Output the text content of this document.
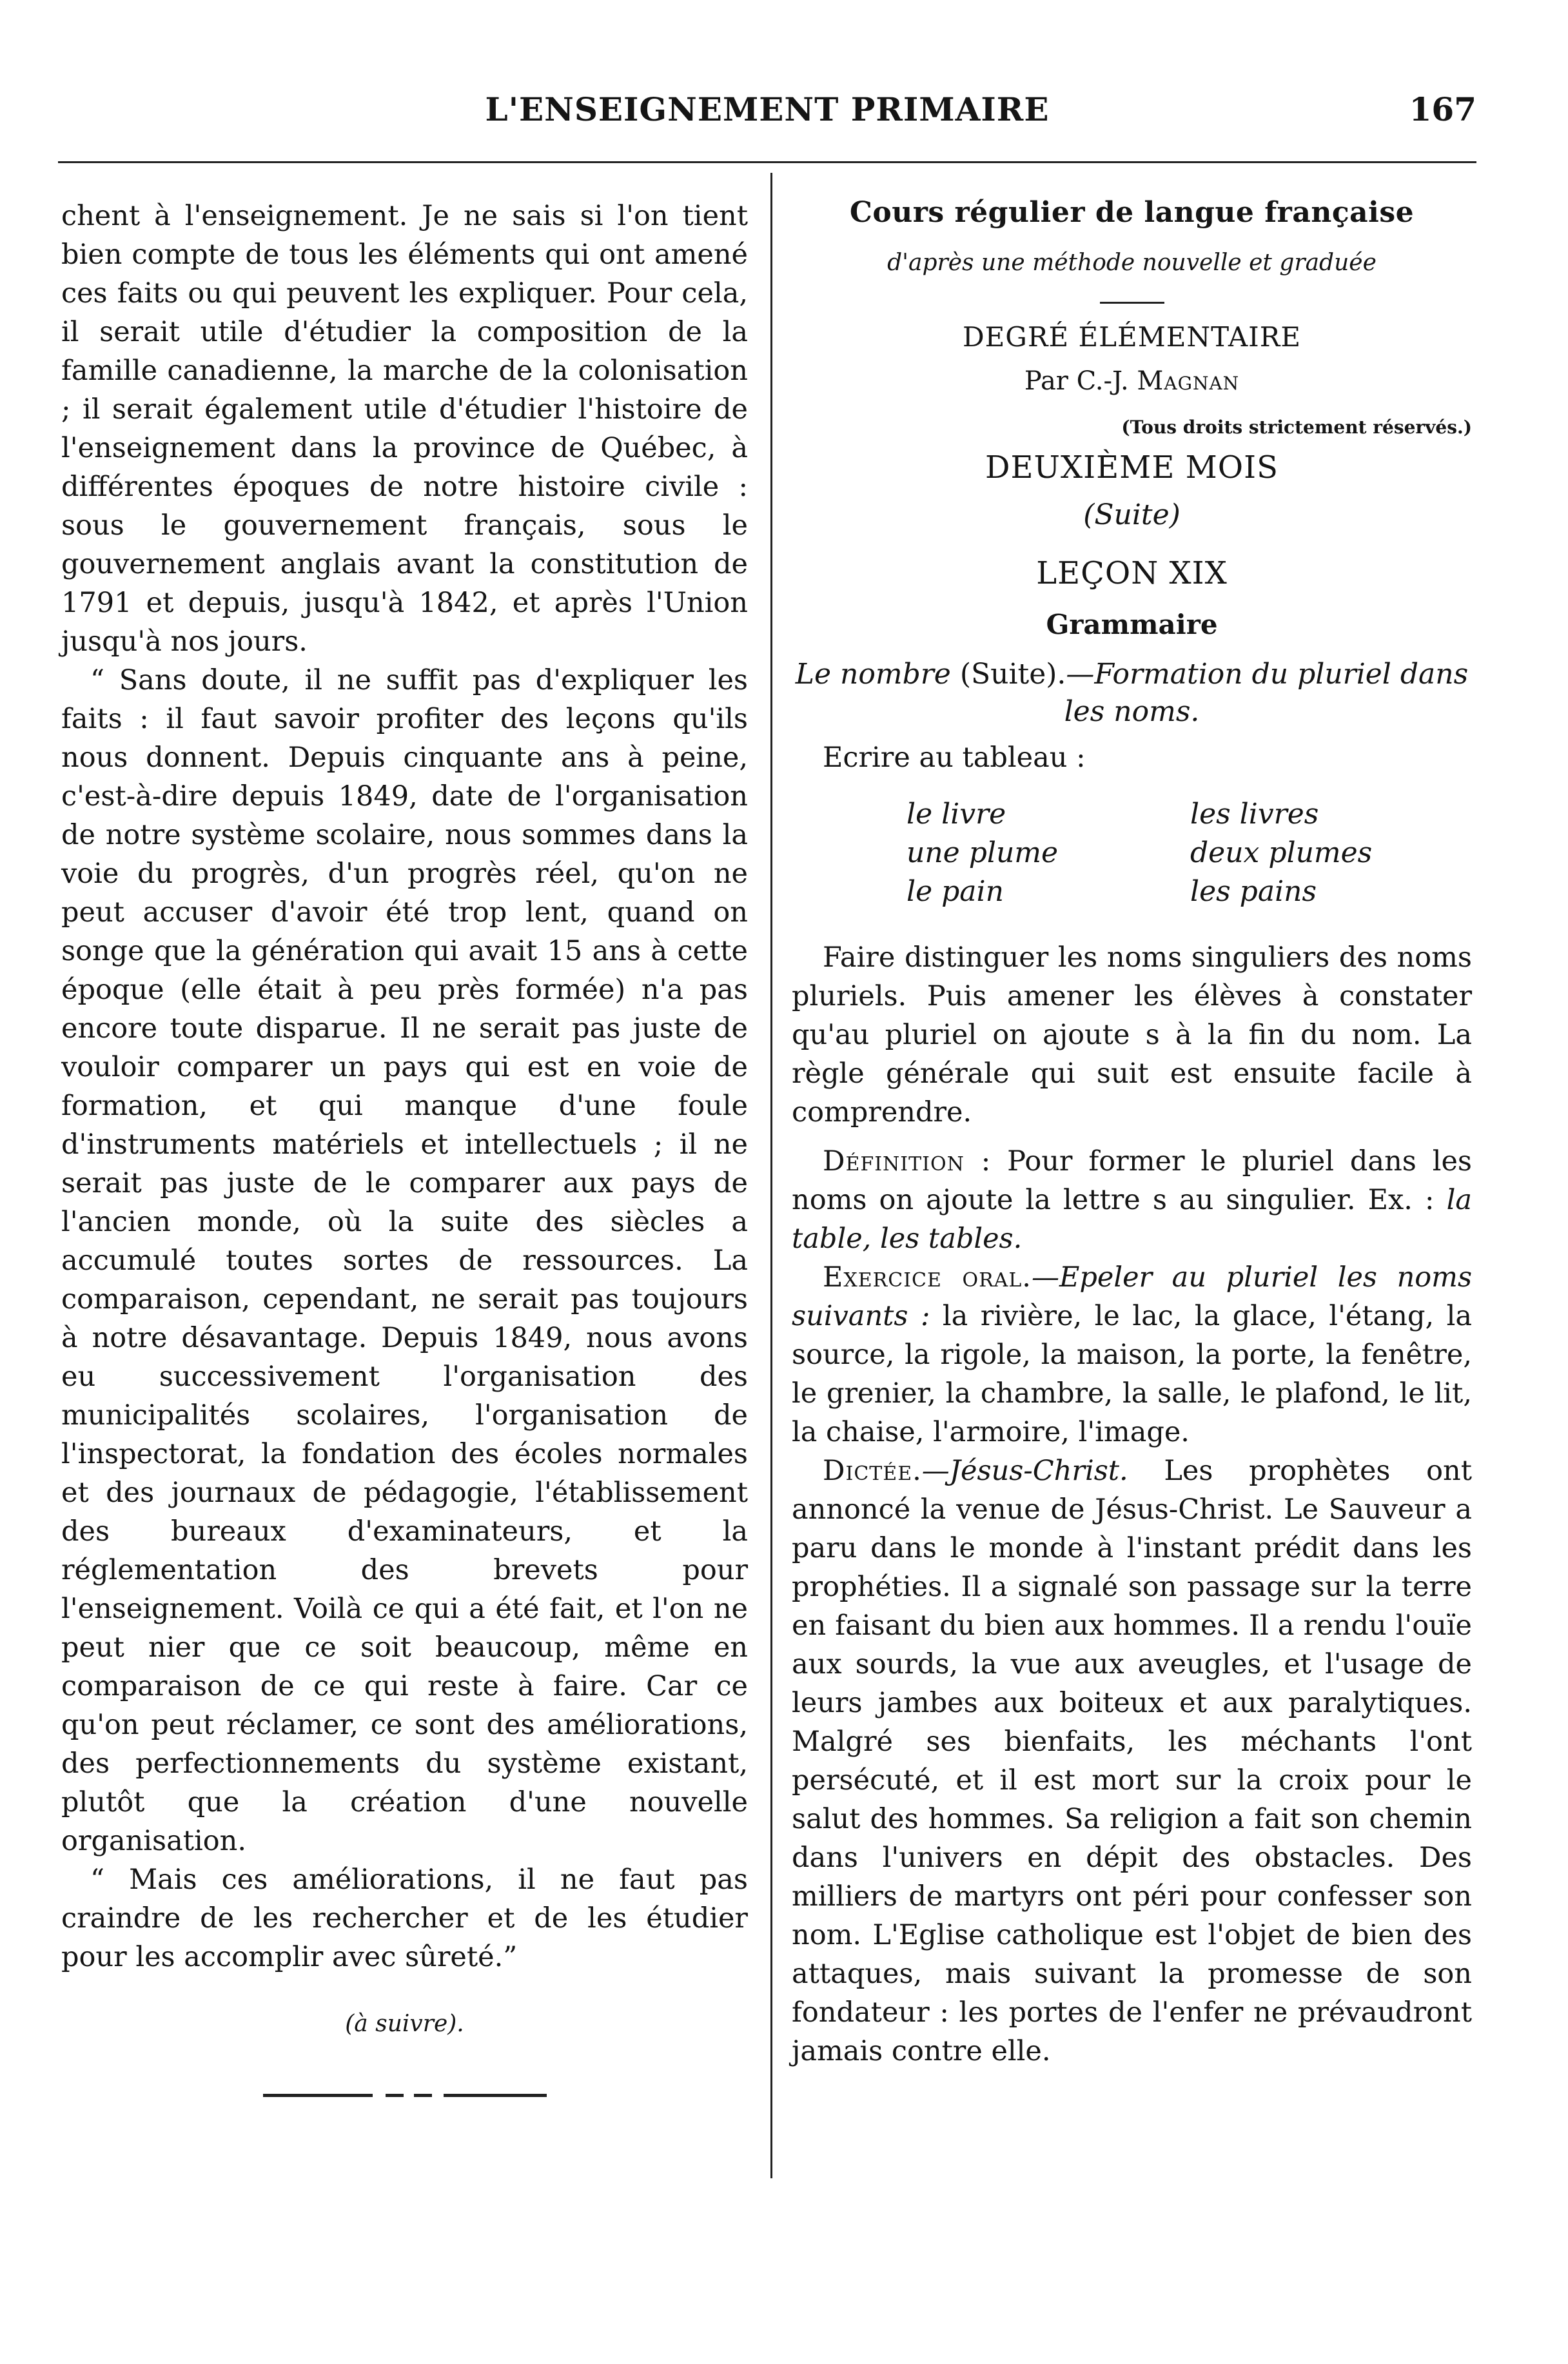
L'ENSEIGNEMENT PRIMAIRE	167

chent à l'enseignement. Je ne sais si l'on tient bien compte de tous les éléments qui ont amené ces faits ou qui peuvent les expliquer. Pour cela, il serait utile d'étudier la composition de la famille canadienne, la marche de la colonisation ; il serait également utile d'étudier l'histoire de l'enseignement dans la province de Québec, à différentes époques de notre histoire civile : sous le gouvernement français, sous le gouvernement anglais avant la constitution de 1791 et depuis, jusqu'à 1842, et après l'Union jusqu'à nos jours.

“ Sans doute, il ne suffit pas d'expliquer les faits : il faut savoir profiter des leçons qu'ils nous donnent. Depuis cinquante ans à peine, c'est-à-dire depuis 1849, date de l'organisation de notre système scolaire, nous sommes dans la voie du progrès, d'un progrès réel, qu'on ne peut accuser d'avoir été trop lent, quand on songe que la génération qui avait 15 ans à cette époque (elle était à peu près formée) n'a pas encore toute disparue. Il ne serait pas juste de vouloir comparer un pays qui est en voie de formation, et qui manque d'une foule d'instruments matériels et intellectuels ; il ne serait pas juste de le comparer aux pays de l'ancien monde, où la suite des siècles a accumulé toutes sortes de ressources. La comparaison, cependant, ne serait pas toujours à notre désavantage. Depuis 1849, nous avons eu successivement l'organisation des municipalités scolaires, l'organisation de l'inspectorat, la fondation des écoles normales et des journaux de pédagogie, l'établissement des bureaux d'examinateurs, et la réglementation des brevets pour l'enseignement. Voilà ce qui a été fait, et l'on ne peut nier que ce soit beaucoup, même en comparaison de ce qui reste à faire. Car ce qu'on peut réclamer, ce sont des améliorations, des perfectionnements du système existant, plutôt que la création d'une nouvelle organisation.

“ Mais ces améliorations, il ne faut pas craindre de les rechercher et de les étudier pour les accomplir avec sûreté.”

(à suivre).
Cours régulier de langue française
d'après une méthode nouvelle et graduée
DEGRÉ ÉLÉMENTAIRE
Par C.-J. Magnan
(Tous droits strictement réservés.)
DEUXIÈME MOIS
(Suite)
LEÇON XIX
Grammaire
Le nombre (Suite).—Formation du pluriel dans les noms.
Ecrire au tableau :
le livre	les livres
une plume	deux plumes
le pain	les pains

Faire distinguer les noms singuliers des noms pluriels. Puis amener les élèves à constater qu'au pluriel on ajoute s à la fin du nom. La règle générale qui suit est ensuite facile à comprendre.

Définition : Pour former le pluriel dans les noms on ajoute la lettre s au singulier. Ex. : la table, les tables.

Exercice oral.—Epeler au pluriel les noms suivants : la rivière, le lac, la glace, l'étang, la source, la rigole, la maison, la porte, la fenêtre, le grenier, la chambre, la salle, le plafond, le lit, la chaise, l'armoire, l'image.

Dictée.—Jésus-Christ. Les prophètes ont annoncé la venue de Jésus-Christ. Le Sauveur a paru dans le monde à l'instant prédit dans les prophéties. Il a signalé son passage sur la terre en faisant du bien aux hommes. Il a rendu l'ouïe aux sourds, la vue aux aveugles, et l'usage de leurs jambes aux boiteux et aux paralytiques. Malgré ses bienfaits, les méchants l'ont persécuté, et il est mort sur la croix pour le salut des hommes. Sa religion a fait son chemin dans l'univers en dépit des obstacles. Des milliers de martyrs ont péri pour confesser son nom. L'Eglise catholique est l'objet de bien des attaques, mais suivant la promesse de son fondateur : les portes de l'enfer ne prévaudront jamais contre elle.
